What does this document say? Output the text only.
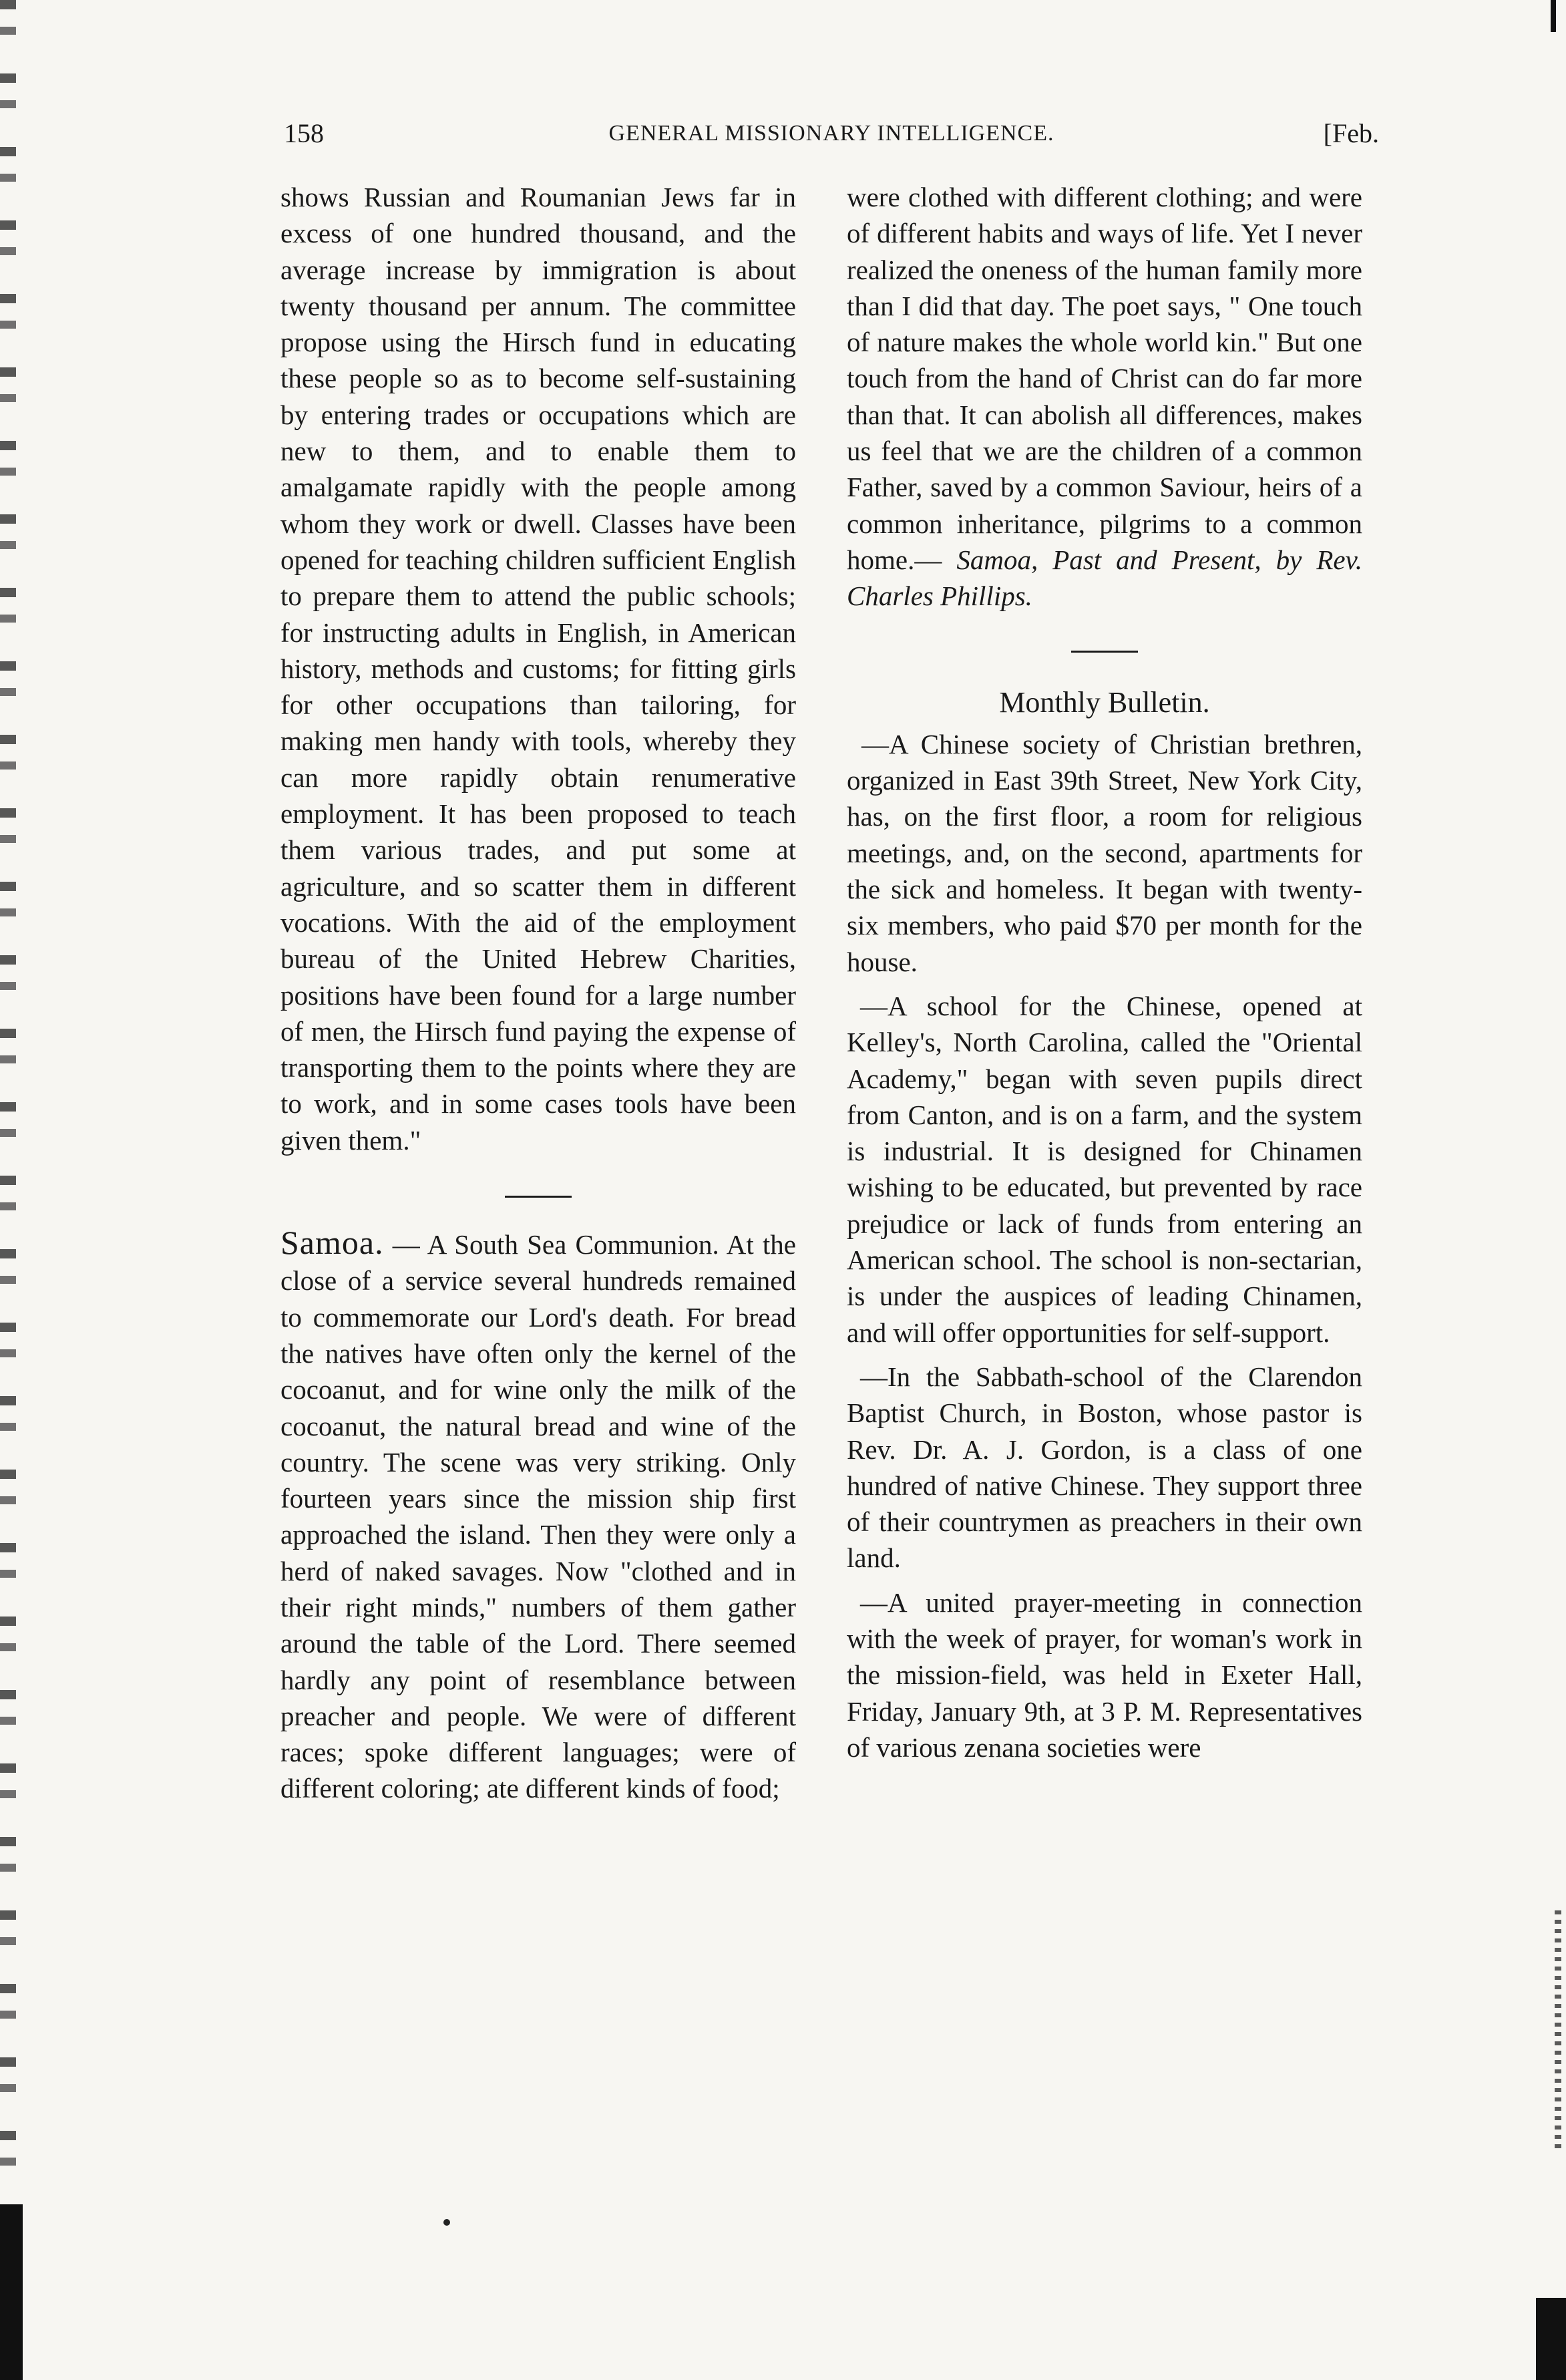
158	GENERAL MISSIONARY INTELLIGENCE.	[Feb.

shows Russian and Roumanian Jews far in excess of one hundred thousand, and the average increase by immigration is about twenty thousand per annum. The committee propose using the Hirsch fund in educating these people so as to become self-sustaining by entering trades or occupations which are new to them, and to enable them to amalgamate rapidly with the people among whom they work or dwell. Classes have been opened for teaching children sufficient English to prepare them to attend the public schools; for instructing adults in English, in American history, methods and customs; for fitting girls for other occupations than tailoring, for making men handy with tools, whereby they can more rapidly obtain renumerative employment. It has been proposed to teach them various trades, and put some at agriculture, and so scatter them in different vocations. With the aid of the employment bureau of the United Hebrew Charities, positions have been found for a large number of men, the Hirsch fund paying the expense of transporting them to the points where they are to work, and in some cases tools have been given them."

Samoa. — A South Sea Communion. At the close of a service several hundreds remained to commemorate our Lord's death. For bread the natives have often only the kernel of the cocoanut, and for wine only the milk of the cocoanut, the natural bread and wine of the country. The scene was very striking. Only fourteen years since the mission ship first approached the island. Then they were only a herd of naked savages. Now "clothed and in their right minds," numbers of them gather around the table of the Lord. There seemed hardly any point of resemblance between preacher and people. We were of different races; spoke different languages; were of different coloring; ate different kinds of food;

were clothed with different clothing; and were of different habits and ways of life. Yet I never realized the oneness of the human family more than I did that day. The poet says, " One touch of nature makes the whole world kin." But one touch from the hand of Christ can do far more than that. It can abolish all differences, makes us feel that we are the children of a common Father, saved by a common Saviour, heirs of a common inheritance, pilgrims to a common home.— Samoa, Past and Present, by Rev. Charles Phillips.

Monthly Bulletin.

—A Chinese society of Christian brethren, organized in East 39th Street, New York City, has, on the first floor, a room for religious meetings, and, on the second, apartments for the sick and homeless. It began with twenty-six members, who paid $70 per month for the house.

—A school for the Chinese, opened at Kelley's, North Carolina, called the "Oriental Academy," began with seven pupils direct from Canton, and is on a farm, and the system is industrial. It is designed for Chinamen wishing to be educated, but prevented by race prejudice or lack of funds from entering an American school. The school is non-sectarian, is under the auspices of leading Chinamen, and will offer opportunities for self-support.

—In the Sabbath-school of the Clarendon Baptist Church, in Boston, whose pastor is Rev. Dr. A. J. Gordon, is a class of one hundred of native Chinese. They support three of their countrymen as preachers in their own land.

—A united prayer-meeting in connection with the week of prayer, for woman's work in the mission-field, was held in Exeter Hall, Friday, January 9th, at 3 P. M. Representatives of various zenana societies were
